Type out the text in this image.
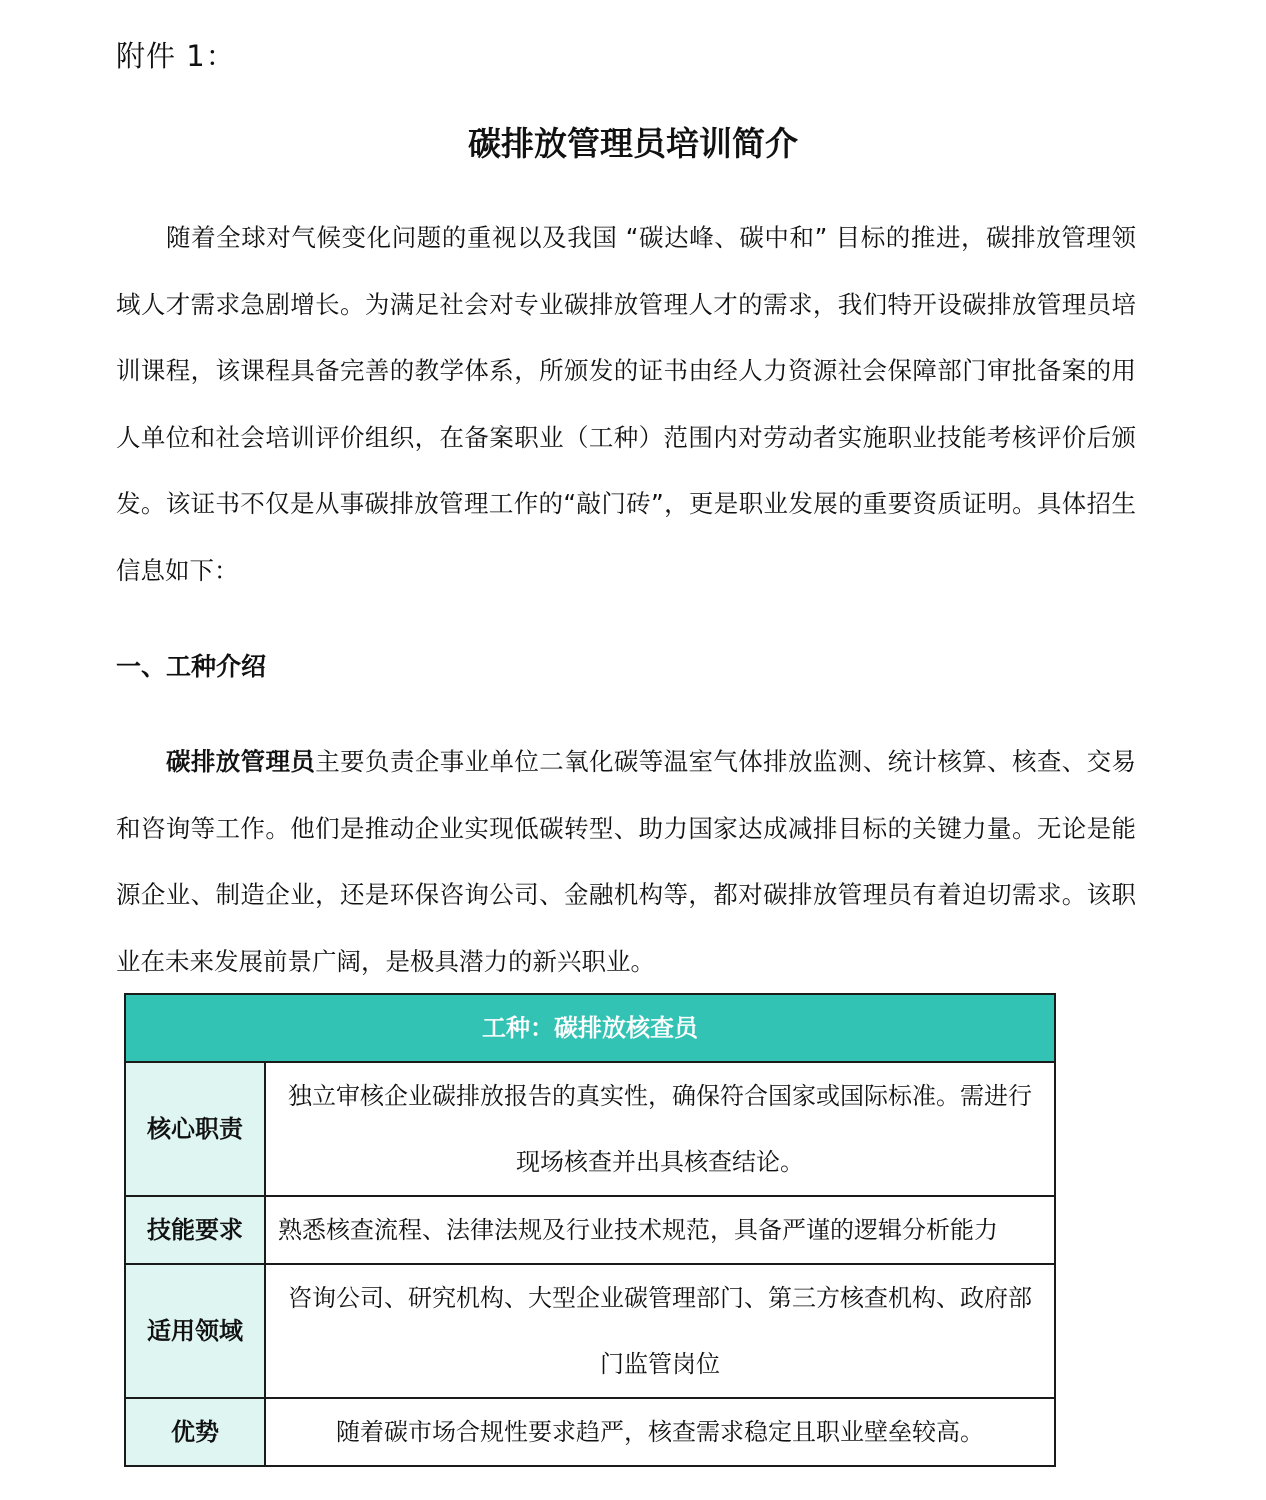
附件 1：
碳排放管理员培训简介

随着全球对气候变化问题的重视以及我国 “碳达峰、碳中和” 目标的推进，碳排放管理领域人才需求急剧增长。为满足社会对专业碳排放管理人才的需求，我们特开设碳排放管理员培训课程，该课程具备完善的教学体系，所颁发的证书由经人力资源社会保障部门审批备案的用人单位和社会培训评价组织，在备案职业（工种）范围内对劳动者实施职业技能考核评价后颁发。该证书不仅是从事碳排放管理工作的“敲门砖”，更是职业发展的重要资质证明。具体招生信息如下：

一、工种介绍

碳排放管理员主要负责企事业单位二氧化碳等温室气体排放监测、统计核算、核查、交易和咨询等工作。他们是推动企业实现低碳转型、助力国家达成减排目标的关键力量。无论是能源企业、制造企业，还是环保咨询公司、金融机构等，都对碳排放管理员有着迫切需求。该职业在未来发展前景广阔，是极具潜力的新兴职业。

工种：碳排放核查员	
核心职责	独立审核企业碳排放报告的真实性，确保符合国家或国际标准。需进行现场核查并出具核查结论。
技能要求	熟悉核查流程、法律法规及行业技术规范，具备严谨的逻辑分析能力
适用领域	咨询公司、研究机构、大型企业碳管理部门、第三方核查机构、政府部门监管岗位
优势	随着碳市场合规性要求趋严，核查需求稳定且职业壁垒较高。
